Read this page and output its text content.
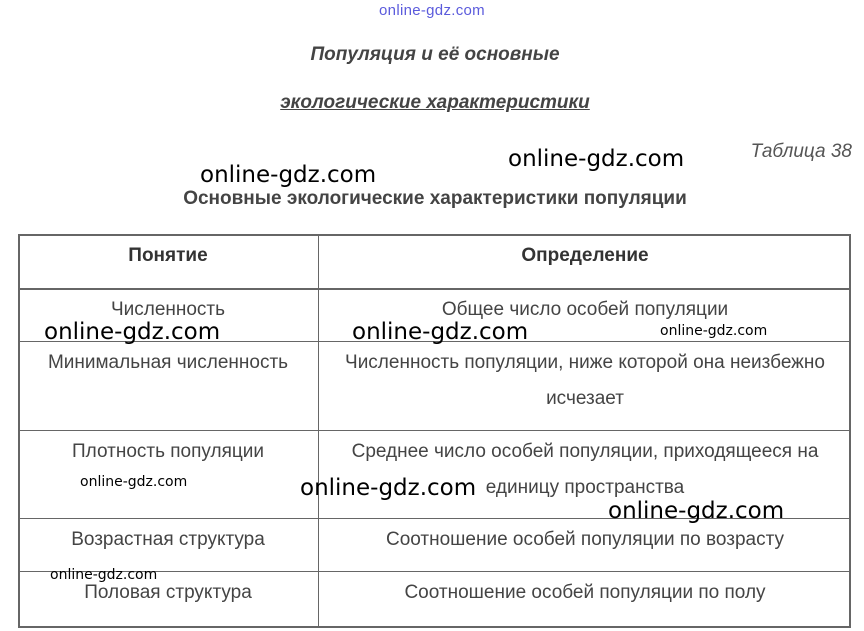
online-gdz.com
Популяция и её основные
экологические характеристики
Таблица 38
Основные экологические характеристики популяции
Понятие	Определение
Численность	Общее число особей популяции
Минимальная численность	Численность популяции, ниже которой она неизбежно исчезает
Плотность популяции	Среднее число особей популяции, приходящееся на единицу пространства
Возрастная структура	Соотношение особей популяции по возрасту
Половая структура	Соотношение особей популяции по полу
online-gdz.com
online-gdz.com
online-gdz.com	online-gdz.com	online-gdz.com
online-gdz.com	online-gdz.com
online-gdz.com
online-gdz.com
